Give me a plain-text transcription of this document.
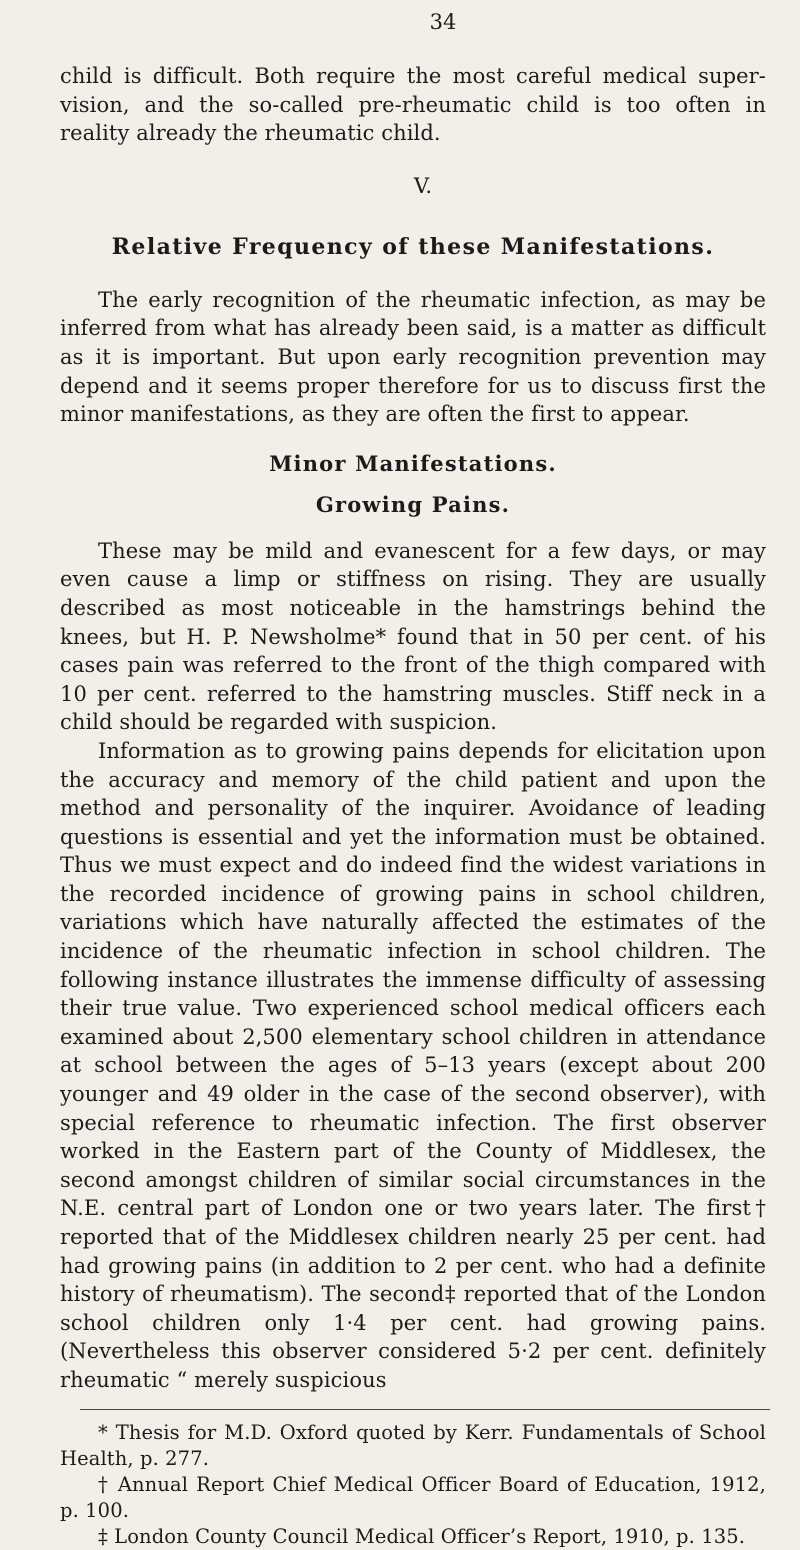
34

child is difficult. Both require the most careful medical super-vision, and the so-called pre-rheumatic child is too often in reality already the rheumatic child.

V.
Relative Frequency of these Manifestations.

The early recognition of the rheumatic infection, as may be inferred from what has already been said, is a matter as difficult as it is important. But upon early recognition prevention may depend and it seems proper therefore for us to discuss first the minor manifestations, as they are often the first to appear.

Minor Manifestations.
Growing Pains.

These may be mild and evanescent for a few days, or may even cause a limp or stiffness on rising. They are usually described as most noticeable in the hamstrings behind the knees, but H. P. Newsholme* found that in 50 per cent. of his cases pain was referred to the front of the thigh compared with 10 per cent. referred to the hamstring muscles. Stiff neck in a child should be regarded with suspicion.

Information as to growing pains depends for elicitation upon the accuracy and memory of the child patient and upon the method and personality of the inquirer. Avoidance of leading questions is essential and yet the information must be obtained. Thus we must expect and do indeed find the widest variations in the recorded incidence of growing pains in school children, variations which have naturally affected the estimates of the incidence of the rheumatic infection in school children. The following instance illustrates the immense difficulty of assessing their true value. Two experienced school medical officers each examined about 2,500 elementary school children in attendance at school between the ages of 5–13 years (except about 200 younger and 49 older in the case of the second observer), with special reference to rheumatic infection. The first observer worked in the Eastern part of the County of Middlesex, the second amongst children of similar social circumstances in the N.E. central part of London one or two years later. The first† reported that of the Middlesex children nearly 25 per cent. had had growing pains (in addition to 2 per cent. who had a definite history of rheumatism). The second‡ reported that of the London school children only 1·4 per cent. had growing pains. (Nevertheless this observer considered 5·2 per cent. definitely rheumatic “ merely suspicious

* Thesis for M.D. Oxford quoted by Kerr. Fundamentals of School Health, p. 277.

† Annual Report Chief Medical Officer Board of Education, 1912, p. 100.

‡ London County Council Medical Officer’s Report, 1910, p. 135.
